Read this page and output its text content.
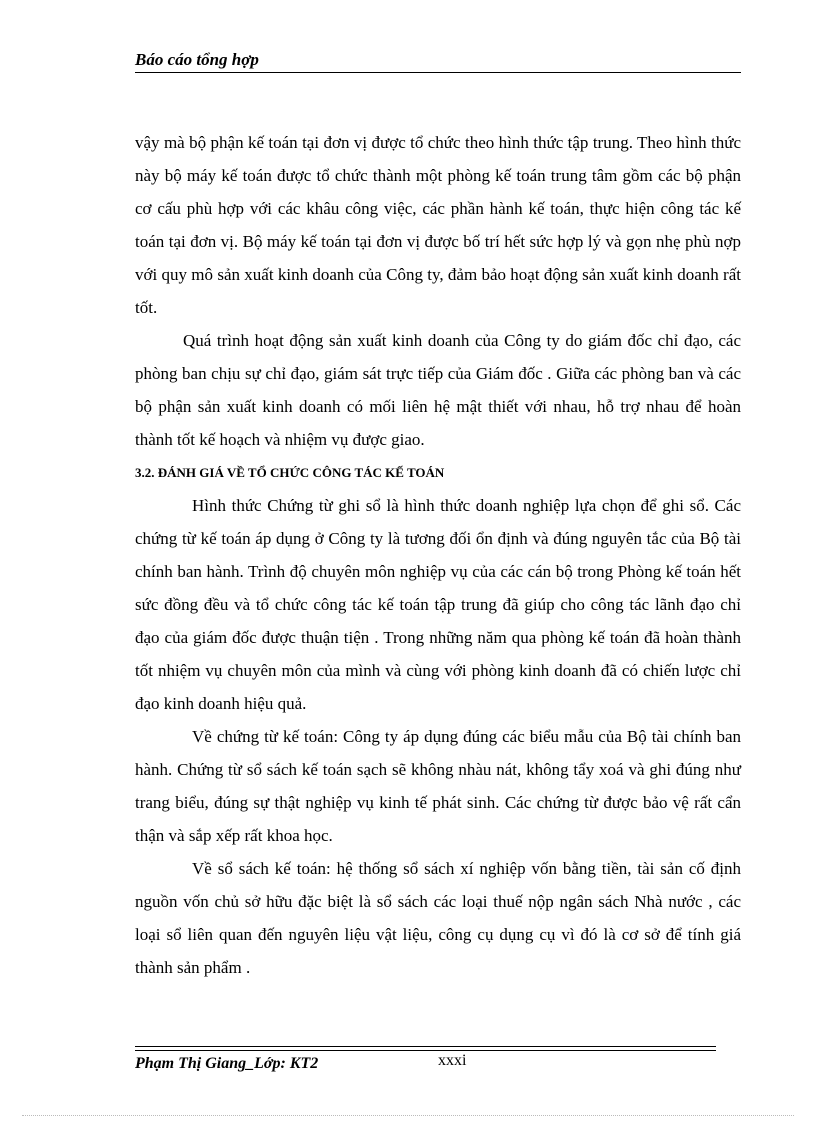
Báo cáo tổng hợp

vậy mà bộ phận kế toán tại đơn vị được tổ chức theo hình thức tập trung. Theo hình thức này bộ máy kế toán được tổ chức thành một phòng kế toán trung tâm gồm các bộ phận cơ cấu phù hợp với các khâu công việc, các phần hành kế toán, thực hiện công tác kế toán tại đơn vị. Bộ máy kế toán tại đơn vị được bố trí hết sức hợp lý và gọn nhẹ phù nợp với quy mô sản xuất kinh doanh của Công ty, đảm bảo hoạt động sản xuất kinh doanh rất tốt.

Quá trình hoạt động sản xuất kinh doanh của Công ty do giám đốc chỉ đạo, các phòng ban chịu sự chỉ đạo, giám sát trực tiếp của Giám đốc . Giữa các phòng ban và các bộ phận sản xuất kinh doanh có mối liên hệ mật thiết với nhau, hỗ trợ nhau để hoàn thành tốt kế hoạch và nhiệm vụ được giao.

3.2. ĐÁNH GIÁ VỀ TỔ CHỨC CÔNG TÁC KẾ TOÁN

Hình thức Chứng từ ghi sổ là hình thức doanh nghiệp lựa chọn để ghi sổ. Các chứng từ kế toán áp dụng ở Công ty là tương đối ổn định và đúng nguyên tắc của Bộ tài chính ban hành. Trình độ chuyên môn nghiệp vụ của các cán bộ trong Phòng kế toán hết sức đồng đều và tổ chức công tác kế toán tập trung đã giúp cho công tác lãnh đạo chỉ đạo của giám đốc được thuận tiện . Trong những năm qua phòng kế toán đã hoàn thành tốt nhiệm vụ chuyên môn của mình và cùng với phòng kinh doanh đã có chiến lược chỉ đạo kinh doanh hiệu quả.

Về chứng từ kế toán: Công ty áp dụng đúng các biểu mẫu của Bộ tài chính ban hành. Chứng từ sổ sách kế toán sạch sẽ không nhàu nát, không tẩy xoá và ghi đúng như trang biểu, đúng sự thật nghiệp vụ kinh tế phát sinh. Các chứng từ được bảo vệ rất cẩn thận và sắp xếp rất khoa học.

Về sổ sách kế toán: hệ thống sổ sách xí nghiệp vốn bằng tiền, tài sản cố định nguồn vốn chủ sở hữu đặc biệt là sổ sách các loại thuế nộp ngân sách Nhà nước , các loại sổ liên quan đến nguyên liệu vật liệu, công cụ dụng cụ vì đó là cơ sở để tính giá thành sản phẩm .

Phạm Thị Giang_Lớp: KT2	xxxi
